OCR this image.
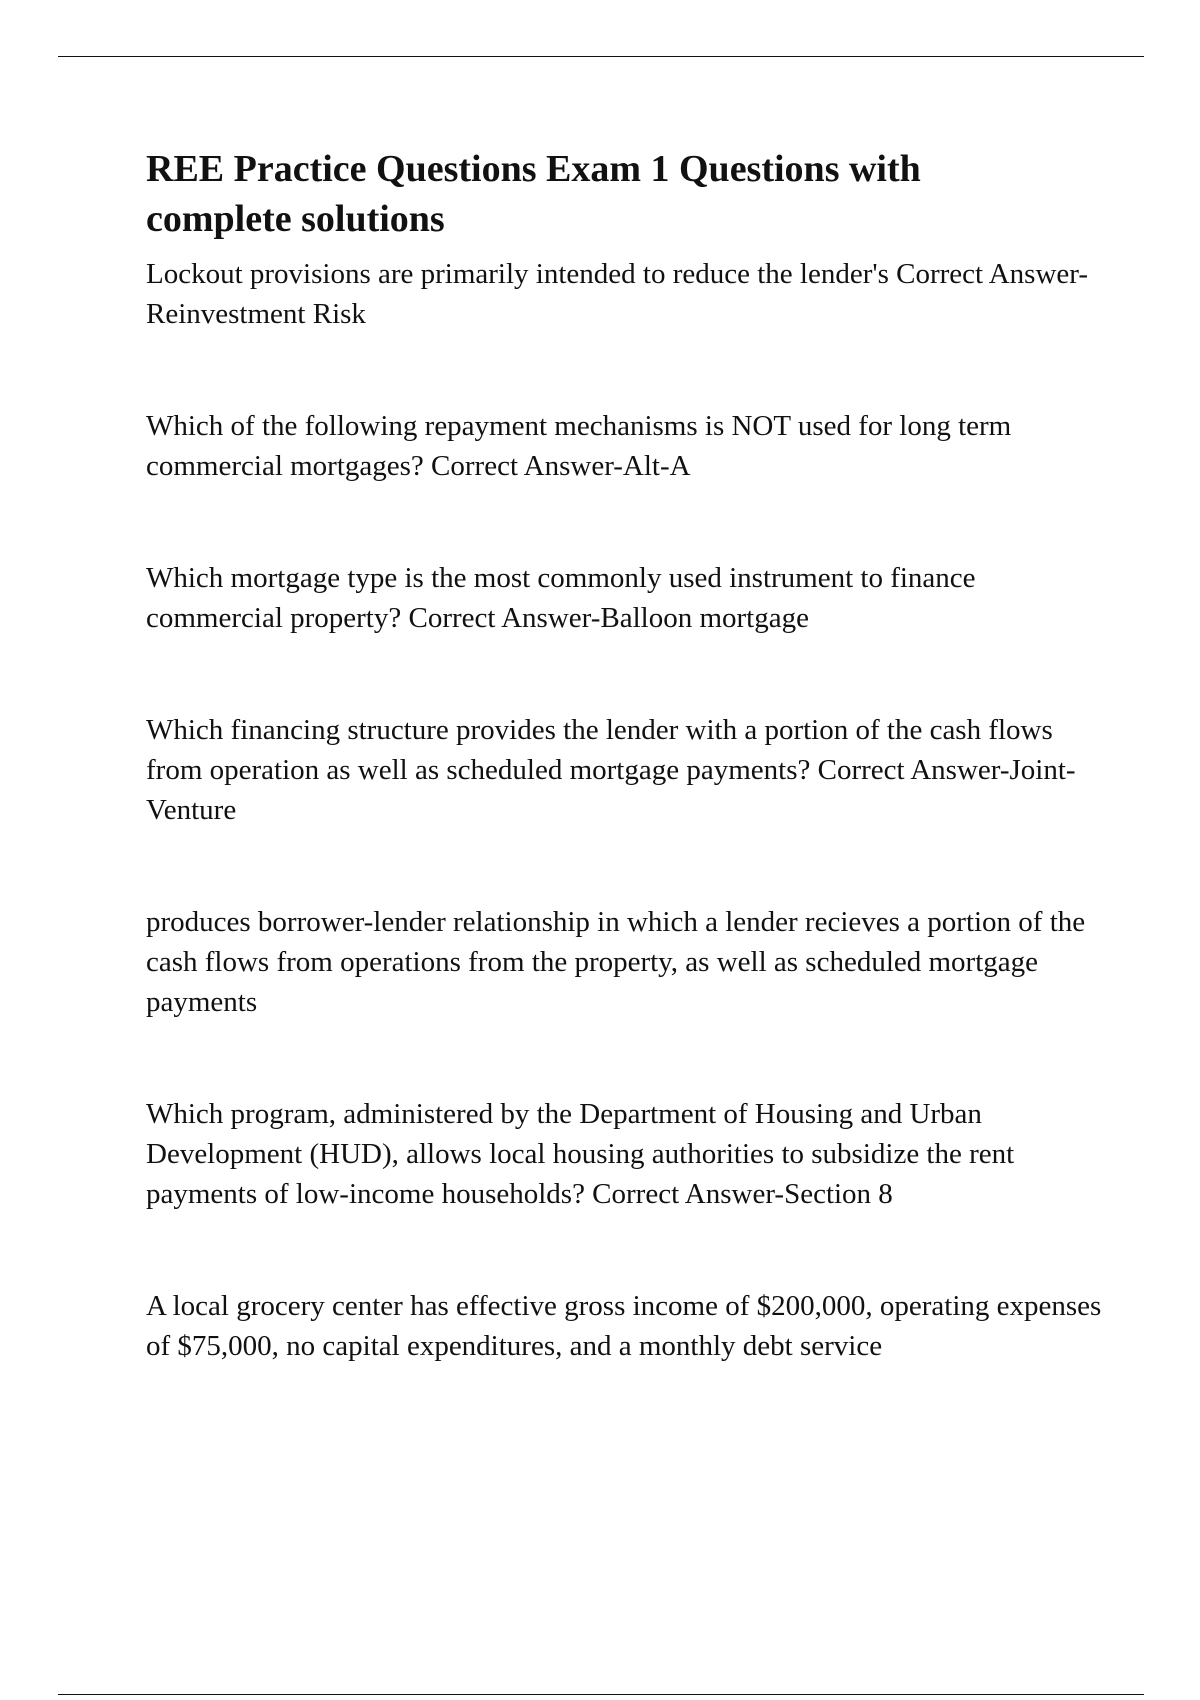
REE Practice Questions Exam 1 Questions with complete solutions

Lockout provisions are primarily intended to reduce the lender's Correct Answer-Reinvestment Risk

Which of the following repayment mechanisms is NOT used for long term commercial mortgages? Correct Answer-Alt-A

Which mortgage type is the most commonly used instrument to finance commercial property? Correct Answer-Balloon mortgage

Which financing structure provides the lender with a portion of the cash flows from operation as well as scheduled mortgage payments? Correct Answer-Joint-Venture

produces borrower-lender relationship in which a lender recieves a portion of the cash flows from operations from the property, as well as scheduled mortgage payments

Which program, administered by the Department of Housing and Urban Development (HUD), allows local housing authorities to subsidize the rent payments of low-income households? Correct Answer-Section 8

A local grocery center has effective gross income of $200,000, operating expenses of $75,000, no capital expenditures, and a monthly debt service
